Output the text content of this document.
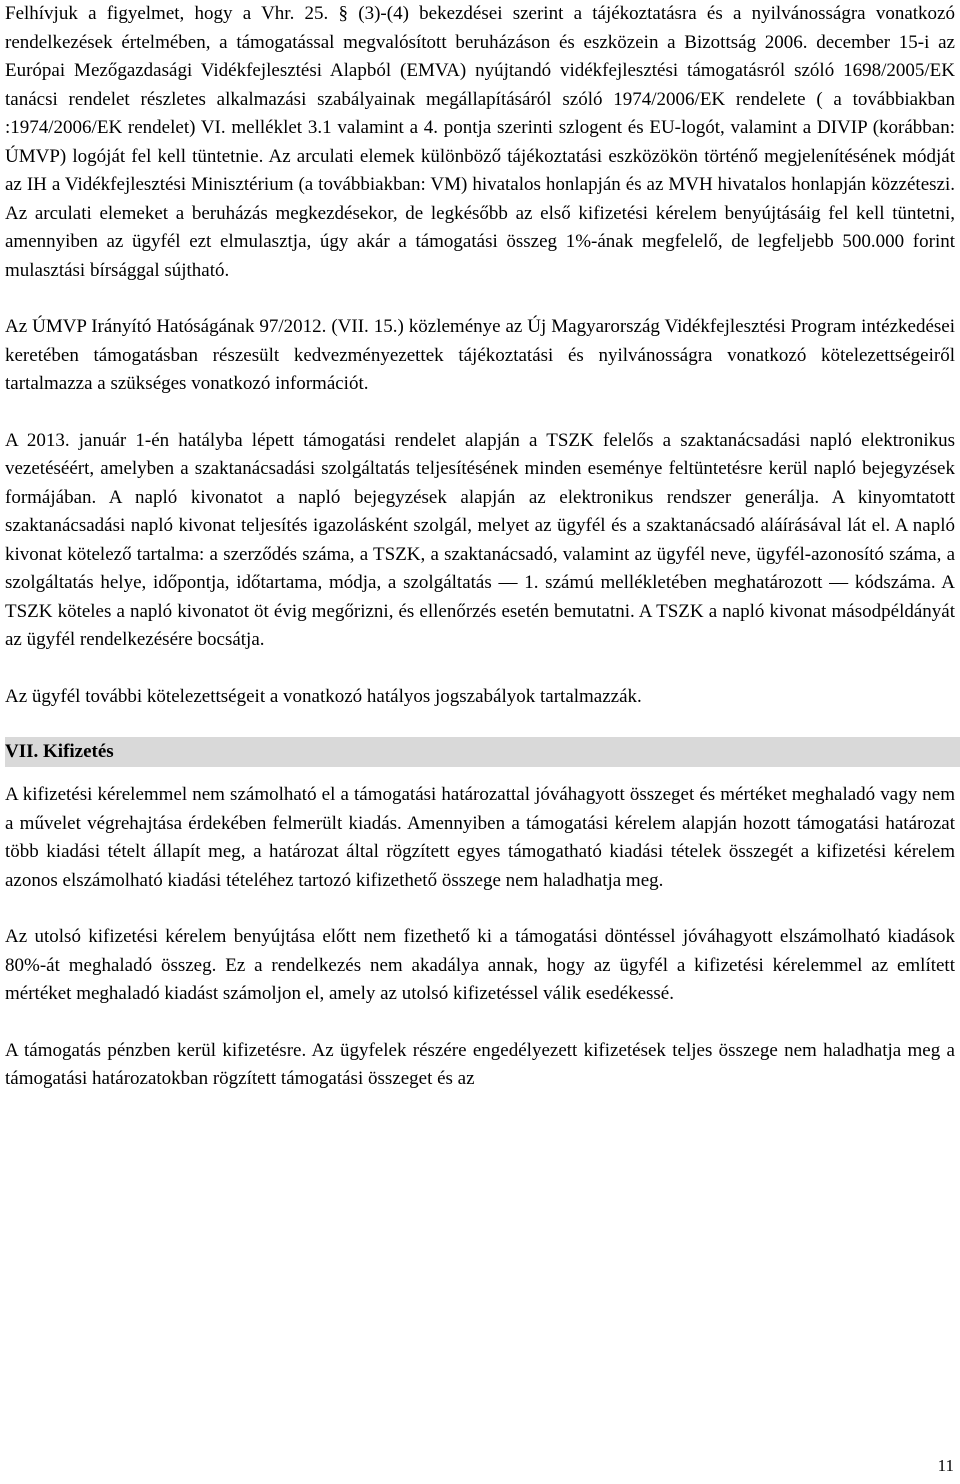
Felhívjuk a figyelmet, hogy a Vhr. 25. § (3)-(4) bekezdései szerint a tájékoztatásra és a nyilvánosságra vonatkozó rendelkezések értelmében, a támogatással megvalósított beruházáson és eszközein a Bizottság 2006. december 15-i az Európai Mezőgazdasági Vidékfejlesztési Alapból (EMVA) nyújtandó vidékfejlesztési támogatásról szóló 1698/2005/EK tanácsi rendelet részletes alkalmazási szabályainak megállapításáról szóló 1974/2006/EK rendelete ( a továbbiakban :1974/2006/EK rendelet) VI. melléklet 3.1 valamint a 4. pontja szerinti szlogent és EU-logót, valamint a DIVIP (korábban: ÚMVP) logóját fel kell tüntetnie. Az arculati elemek különböző tájékoztatási eszközökön történő megjelenítésének módját az IH a Vidékfejlesztési Minisztérium (a továbbiakban: VM) hivatalos honlapján és az MVH hivatalos honlapján közzéteszi. Az arculati elemeket a beruházás megkezdésekor, de legkésőbb az első kifizetési kérelem benyújtásáig fel kell tüntetni, amennyiben az ügyfél ezt elmulasztja, úgy akár a támogatási összeg 1%-ának megfelelő, de legfeljebb 500.000 forint mulasztási bírsággal sújtható.

Az ÚMVP Irányító Hatóságának 97/2012. (VII. 15.) közleménye az Új Magyarország Vidékfejlesztési Program intézkedései keretében támogatásban részesült kedvezményezettek tájékoztatási és nyilvánosságra vonatkozó kötelezettségeiről tartalmazza a szükséges vonatkozó információt.

A 2013. január 1-én hatályba lépett támogatási rendelet alapján a TSZK felelős a szaktanácsadási napló elektronikus vezetéséért, amelyben a szaktanácsadási szolgáltatás teljesítésének minden eseménye feltüntetésre kerül napló bejegyzések formájában. A napló kivonatot a napló bejegyzések alapján az elektronikus rendszer generálja. A kinyomtatott szaktanácsadási napló kivonat teljesítés igazolásként szolgál, melyet az ügyfél és a szaktanácsadó aláírásával lát el. A napló kivonat kötelező tartalma: a szerződés száma, a TSZK, a szaktanácsadó, valamint az ügyfél neve, ügyfél-azonosító száma, a szolgáltatás helye, időpontja, időtartama, módja, a szolgáltatás — 1. számú mellékletében meghatározott — kódszáma. A TSZK köteles a napló kivonatot öt évig megőrizni, és ellenőrzés esetén bemutatni. A TSZK a napló kivonat másodpéldányát az ügyfél rendelkezésére bocsátja.

Az ügyfél további kötelezettségeit a vonatkozó hatályos jogszabályok tartalmazzák.

VII. Kifizetés

A kifizetési kérelemmel nem számolható el a támogatási határozattal jóváhagyott összeget és mértéket meghaladó vagy nem a művelet végrehajtása érdekében felmerült kiadás. Amennyiben a támogatási kérelem alapján hozott támogatási határozat több kiadási tételt állapít meg, a határozat által rögzített egyes támogatható kiadási tételek összegét a kifizetési kérelem azonos elszámolható kiadási tételéhez tartozó kifizethető összege nem haladhatja meg.

Az utolsó kifizetési kérelem benyújtása előtt nem fizethető ki a támogatási döntéssel jóváhagyott elszámolható kiadások 80%-át meghaladó összeg. Ez a rendelkezés nem akadálya annak, hogy az ügyfél a kifizetési kérelemmel az említett mértéket meghaladó kiadást számoljon el, amely az utolsó kifizetéssel válik esedékessé.

A támogatás pénzben kerül kifizetésre. Az ügyfelek részére engedélyezett kifizetések teljes összege nem haladhatja meg a támogatási határozatokban rögzített támogatási összeget és az

11
